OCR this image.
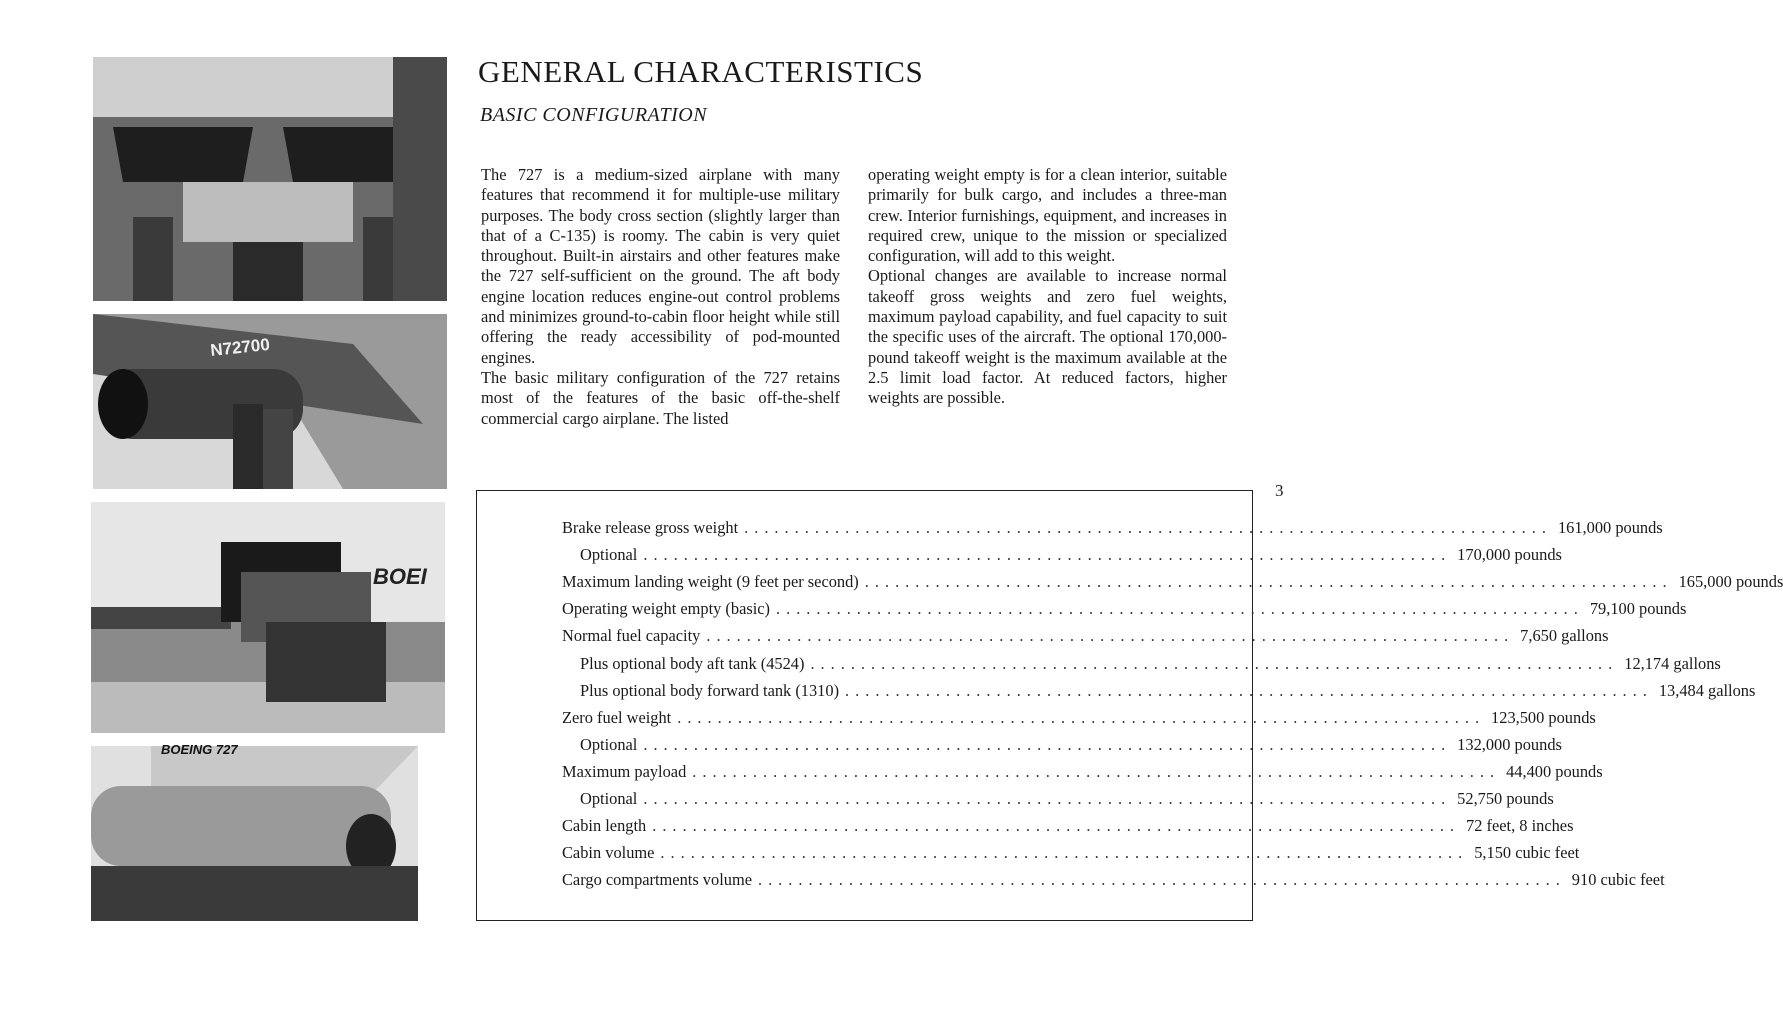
N72700
BOEI
BOEING 727
GENERAL CHARACTERISTICS
BASIC CONFIGURATION

The 727 is a medium-sized airplane with many features that recommend it for multiple-use military purposes. The body cross section (slightly larger than that of a C-135) is roomy. The cabin is very quiet throughout. Built-in airstairs and other features make the 727 self-sufficient on the ground. The aft body engine location reduces engine-out control problems and minimizes ground-to-cabin floor height while still offering the ready accessibility of pod-mounted engines.

The basic military configuration of the 727 retains most of the features of the basic off-the-shelf commercial cargo airplane. The listed

operating weight empty is for a clean interior, suitable primarily for bulk cargo, and includes a three-man crew. Interior furnishings, equipment, and increases in required crew, unique to the mission or specialized configuration, will add to this weight.

Optional changes are available to increase normal takeoff gross weights and zero fuel weights, maximum payload capability, and fuel capacity to suit the specific uses of the aircraft. The optional 170,000-pound takeoff weight is the maximum available at the 2.5 limit load factor. At reduced factors, higher weights are possible.

Brake release gross weight ................................................................................ 161,000 pounds
Optional ................................................................................ 170,000 pounds
Maximum landing weight (9 feet per second) ................................................................................ 165,000 pounds
Operating weight empty (basic) ................................................................................ 79,100 pounds
Normal fuel capacity ................................................................................ 7,650 gallons
Plus optional body aft tank (4524) ................................................................................ 12,174 gallons
Plus optional body forward tank (1310) ................................................................................ 13,484 gallons
Zero fuel weight ................................................................................ 123,500 pounds
Optional ................................................................................ 132,000 pounds
Maximum payload ................................................................................ 44,400 pounds
Optional ................................................................................ 52,750 pounds
Cabin length ................................................................................ 72 feet, 8 inches
Cabin volume ................................................................................ 5,150 cubic feet
Cargo compartments volume ................................................................................ 910 cubic feet
3
